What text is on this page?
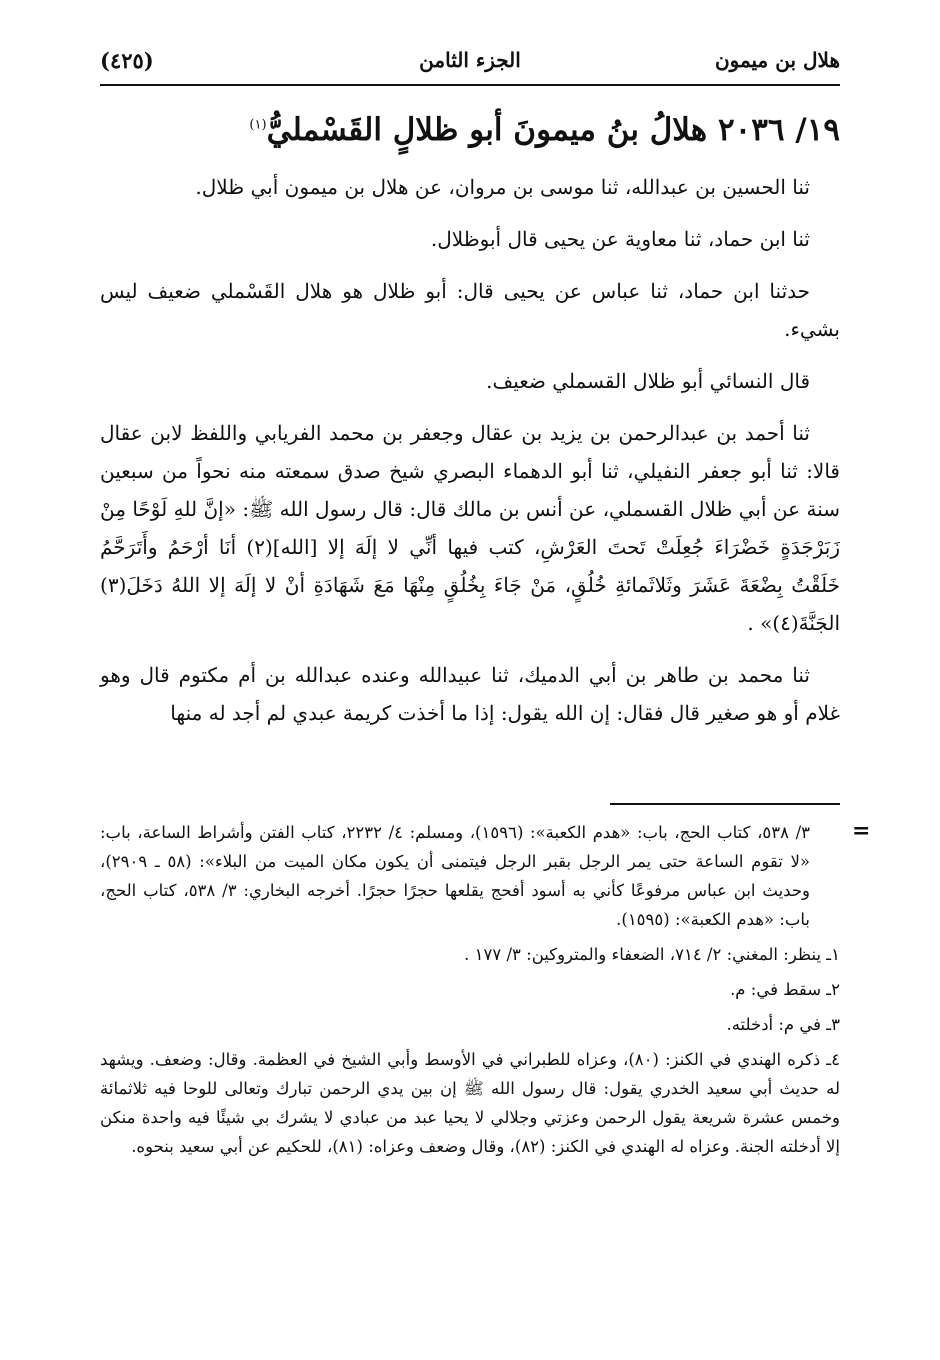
هلال بن ميمون
الجزء الثامن
(٤٢٥)
١٩/ ٢٠٣٦ هلالُ بنُ ميمونَ أبو ظلالٍ القَسْمليُّ$^{(١)}$

ثنا الحسين بن عبدالله، ثنا موسى بن مروان، عن هلال بن ميمون أبي ظلال.

ثنا ابن حماد، ثنا معاوية عن يحيى قال أبوظلال.

حدثنا ابن حماد، ثنا عباس عن يحيى قال: أبو ظلال هو هلال القَسْملي ضعيف ليس بشيء.

قال النسائي أبو ظلال القسملي ضعيف.

ثنا أحمد بن عبدالرحمن بن يزيد بن عقال وجعفر بن محمد الفريابي واللفظ لابن عقال قالا: ثنا أبو جعفر النفيلي، ثنا أبو الدهماء البصري شيخ صدق سمعته منه نحواً من سبعين سنة عن أبي ظلال القسملي، عن أنس بن مالك قال: قال رسول الله ﷺ: «إنَّ للهِ لَوْحًا مِنْ زَبَرْجَدَةٍ خَضْرَاءَ جُعِلَتْ تَحتَ العَرْشِ، كتب فيها أنِّي لا إلَهَ إلا [الله](٢) أنَا أرْحَمُ وأَتَرَحَّمُ خَلَقْتُ بِضْعَةَ عَشَرَ وثَلاثَمائةِ خُلُقٍ، مَنْ جَاءَ بِخُلُقٍ مِنْهَا مَعَ شَهَادَةِ أنْ لا إلَهَ إلا اللهُ دَخَلَ(٣) الجَنَّةَ(٤)» .

ثنا محمد بن طاهر بن أبي الدميك، ثنا عبيدالله وعنده عبدالله بن أم مكتوم قال وهو غلام أو هو صغير قال فقال: إن الله يقول: إذا ما أخذت كريمة عبدي لم أجد له منها

=

٣/ ٥٣٨، كتاب الحج، باب: «هدم الكعبة»: (١٥٩٦)، ومسلم: ٤/ ٢٢٣٢، كتاب الفتن وأشراط الساعة، باب: «لا تقوم الساعة حتى يمر الرجل بقبر الرجل فيتمنى أن يكون مكان الميت من البلاء»: (٥٨ ـ ٢٩٠٩)، وحديث ابن عباس مرفوعًا كأني به أسود أفحج يقلعها حجرًا حجرًا. أخرجه البخاري: ٣/ ٥٣٨، كتاب الحج، باب: «هدم الكعبة»: (١٥٩٥).

١ـ ينظر: المغني: ٢/ ٧١٤، الضعفاء والمتروكين: ٣/ ١٧٧ .

٢ـ سقط في: م.

٣ـ في م: أدخلته.

٤ـ ذكره الهندي في الكنز: (٨٠)، وعزاه للطبراني في الأوسط وأبي الشيخ في العظمة. وقال: وضعف. ويشهد له حديث أبي سعيد الخدري يقول: قال رسول الله ﷺ إن بين يدي الرحمن تبارك وتعالى للوحا فيه ثلاثمائة وخمس عشرة شريعة يقول الرحمن وعزتي وجلالي لا يحيا عبد من عبادي لا يشرك بي شيئًا فيه واحدة منكن إلا أدخلته الجنة. وعزاه له الهندي في الكنز: (٨٢)، وقال وضعف وعزاه: (٨١)، للحكيم عن أبي سعيد بنحوه.
